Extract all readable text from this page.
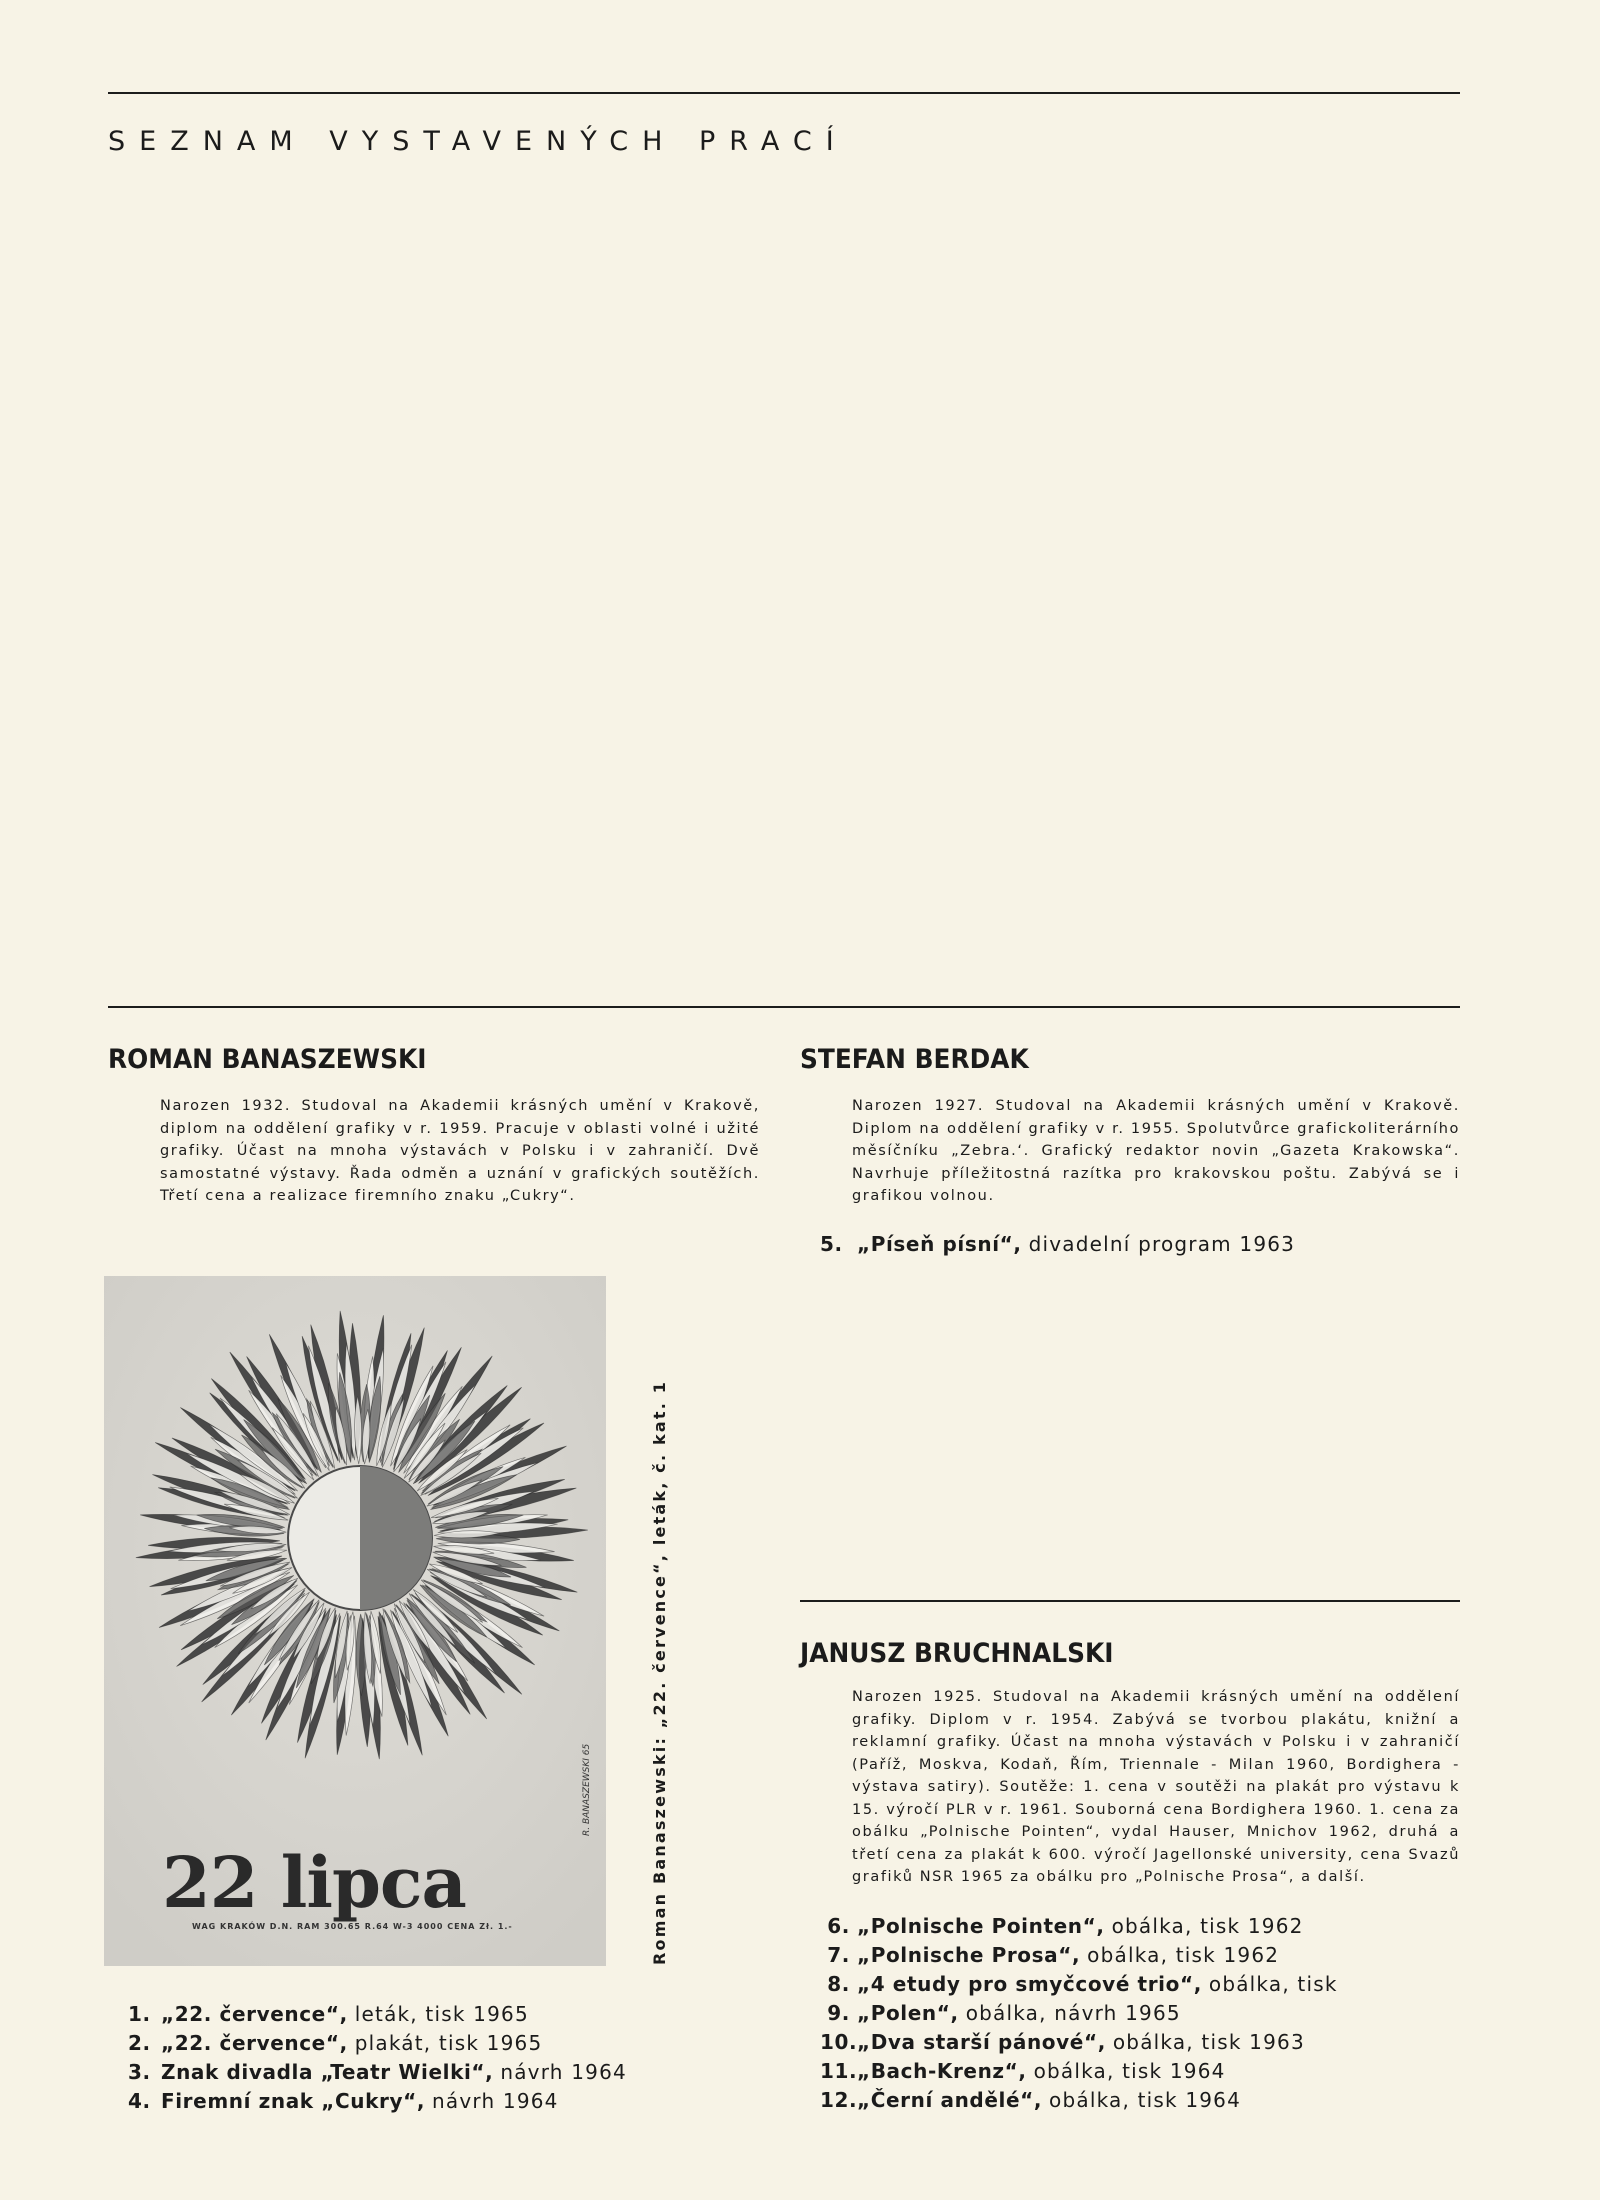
SEZNAM VYSTAVENÝCH PRACÍ
ROMAN BANASZEWSKI

Narozen 1932. Studoval na Akademii krásných umění v Krakově, diplom na oddělení grafiky v r. 1959. Pracuje v oblasti volné i užité grafiky. Účast na mnoha výstavách v Polsku i v zahraničí. Dvě samostatné výstavy. Řada odměn a uznání v grafických soutěžích. Třetí cena a realizace firemního znaku „Cukry“.

STEFAN BERDAK

Narozen 1927. Studoval na Akademii krásných umění v Krakově. Diplom na oddělení grafiky v r. 1955. Spolutvůrce grafickoliterárního měsíčníku „Zebra.‘. Grafický redaktor novin „Gazeta Krakowska“. Navrhuje příležitostná razítka pro krakovskou poštu. Zabývá se i grafikou volnou.

5. „Píseň písní“, divadelní program 1963
JANUSZ BRUCHNALSKI

Narozen 1925. Studoval na Akademii krásných umění na oddělení grafiky. Diplom v r. 1954. Zabývá se tvorbou plakátu, knižní a reklamní grafiky. Účast na mnoha výstavách v Polsku i v zahraničí (Paříž, Moskva, Kodaň, Řím, Triennale - Milan 1960, Bordighera - výstava satiry). Soutěže: 1. cena v soutěži na plakát pro výstavu k 15. výročí PLR v r. 1961. Souborná cena Bordighera 1960. 1. cena za obálku „Polnische Pointen“, vydal Hauser, Mnichov 1962, druhá a třetí cena za plakát k 600. výročí Jagellonské university, cena Svazů grafiků NSR 1965 za obálku pro „Polnische Prosa“, a další.

6. „Polnische Pointen“, obálka, tisk 1962
7. „Polnische Prosa“, obálka, tisk 1962
8. „4 etudy pro smyčcové trio“, obálka, tisk
9. „Polen“, obálka, návrh 1965
10. „Dva starší pánové“, obálka, tisk 1963
11. „Bach-Krenz“, obálka, tisk 1964
12. „Černí andělé“, obálka, tisk 1964

22 lipca

WAG KRAKÓW D.N. RAM 300.65 R.64 W-3 4000 CENA Zł. 1.-
R. BANASZEWSKI 65	Roman Banaszewski: „22. července“, leták, č. kat. 1

1. „22. července“, leták, tisk 1965
2. „22. července“, plakát, tisk 1965
3. Znak divadla „Teatr Wielki“, návrh 1964
4. Firemní znak „Cukry“, návrh 1964
